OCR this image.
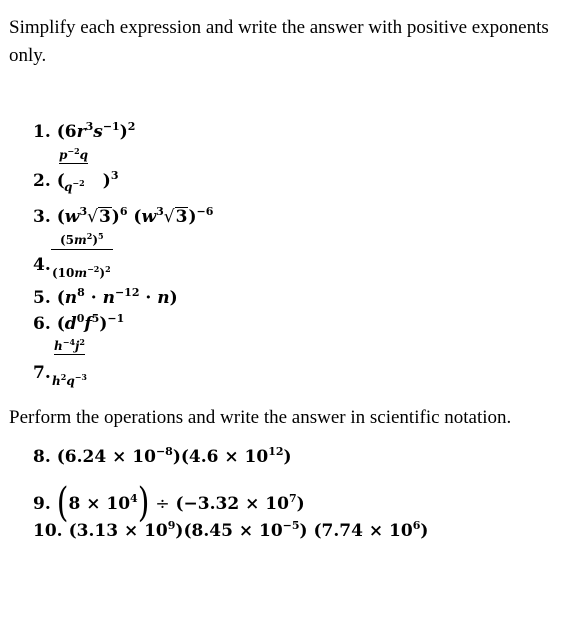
Simplify each expression and write the answer with positive exponents only.
1. $(6r^3s^{-1})^2$
$p^{-2}q$
2. ( )$^3$
$q^{-2}$
3. $(w^3√3)^6$ $(w^3√3)^{-6}$
$(5m^2)^5$
4. $(10m^{-2})^2$
5. $(n^8 \cdot n^{-12} \cdot n)$
6. $(d^0f^5)^{-1}$
$h^{-4}j^2$
7. $h^2q^{-3}$
Perform the operations and write the answer in scientific notation.
8. $(6.24 \times 10^{-8})(4.6 \times 10^{12})$
9. $(8 \times 10^4) \div (-3.32 \times 10^7)$
10. $(3.13 \times 10^9)(8.45 \times 10^{-5})$ $(7.74 \times 10^6)$
